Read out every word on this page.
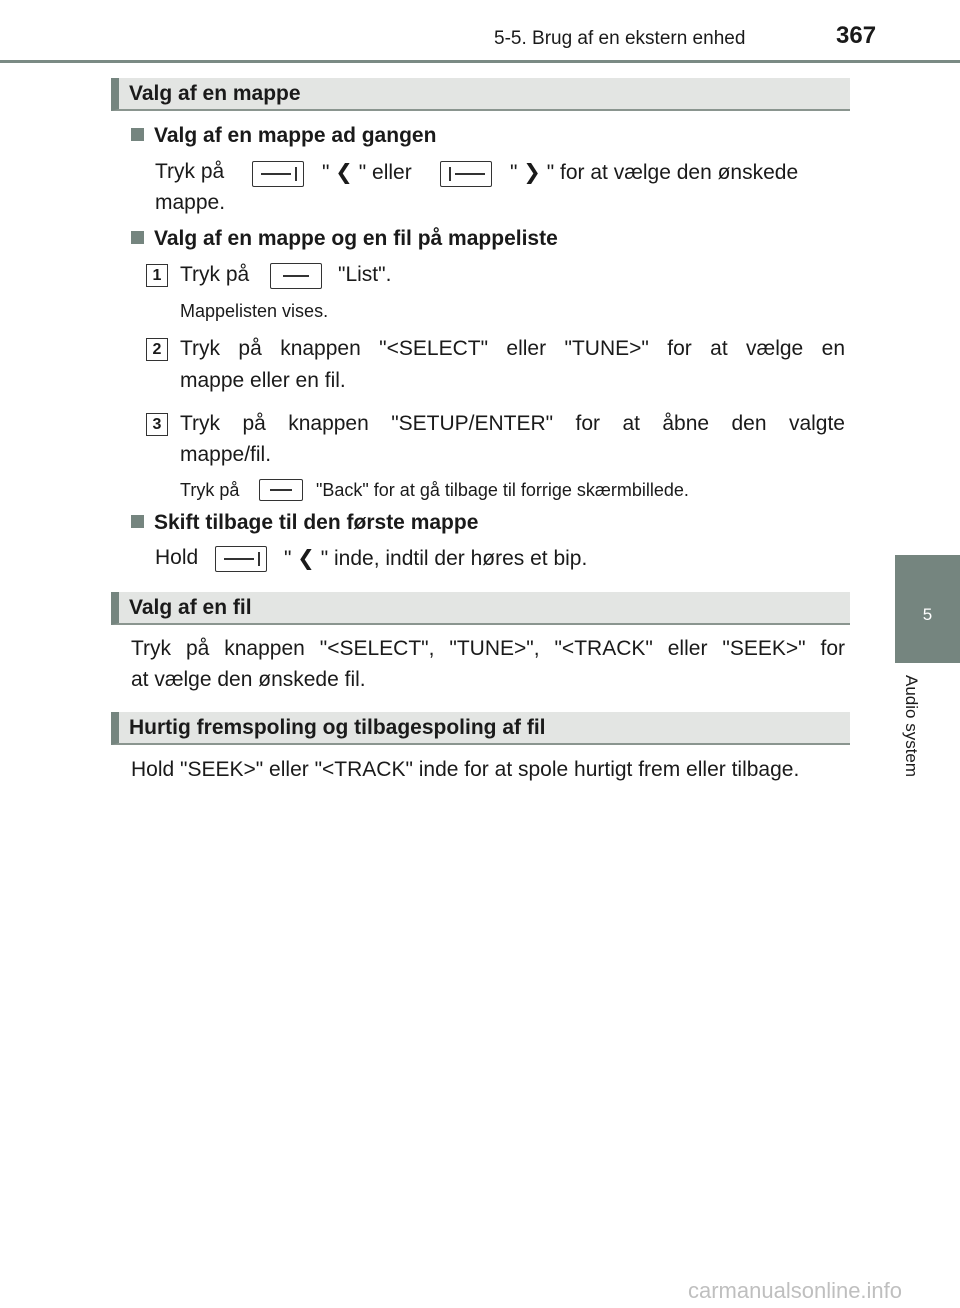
5-5. Brug af en ekstern enhed	367
5
Audio system
Valg af en mappe
Valg af en mappe ad gangen
Tryk på	" ❮ " eller	" ❯ " for at vælge den ønskede
mappe.
Valg af en mappe og en fil på mappeliste
1 Tryk på	"List".
Mappelisten vises.
2 Tryk på knappen "<SELECT" eller "TUNE>" for at vælge en
mappe eller en fil.
3 Tryk på knappen "SETUP/ENTER" for at åbne den valgte
mappe/fil.
Tryk på	"Back" for at gå tilbage til forrige skærmbillede.
Skift tilbage til den første mappe
Hold	" ❮ " inde, indtil der høres et bip.
Valg af en fil
Tryk på knappen "<SELECT", "TUNE>", "<TRACK" eller "SEEK>" for
at vælge den ønskede fil.
Hurtig fremspoling og tilbagespoling af fil
Hold "SEEK>" eller "<TRACK" inde for at spole hurtigt frem eller tilbage.
carmanualsonline.info
